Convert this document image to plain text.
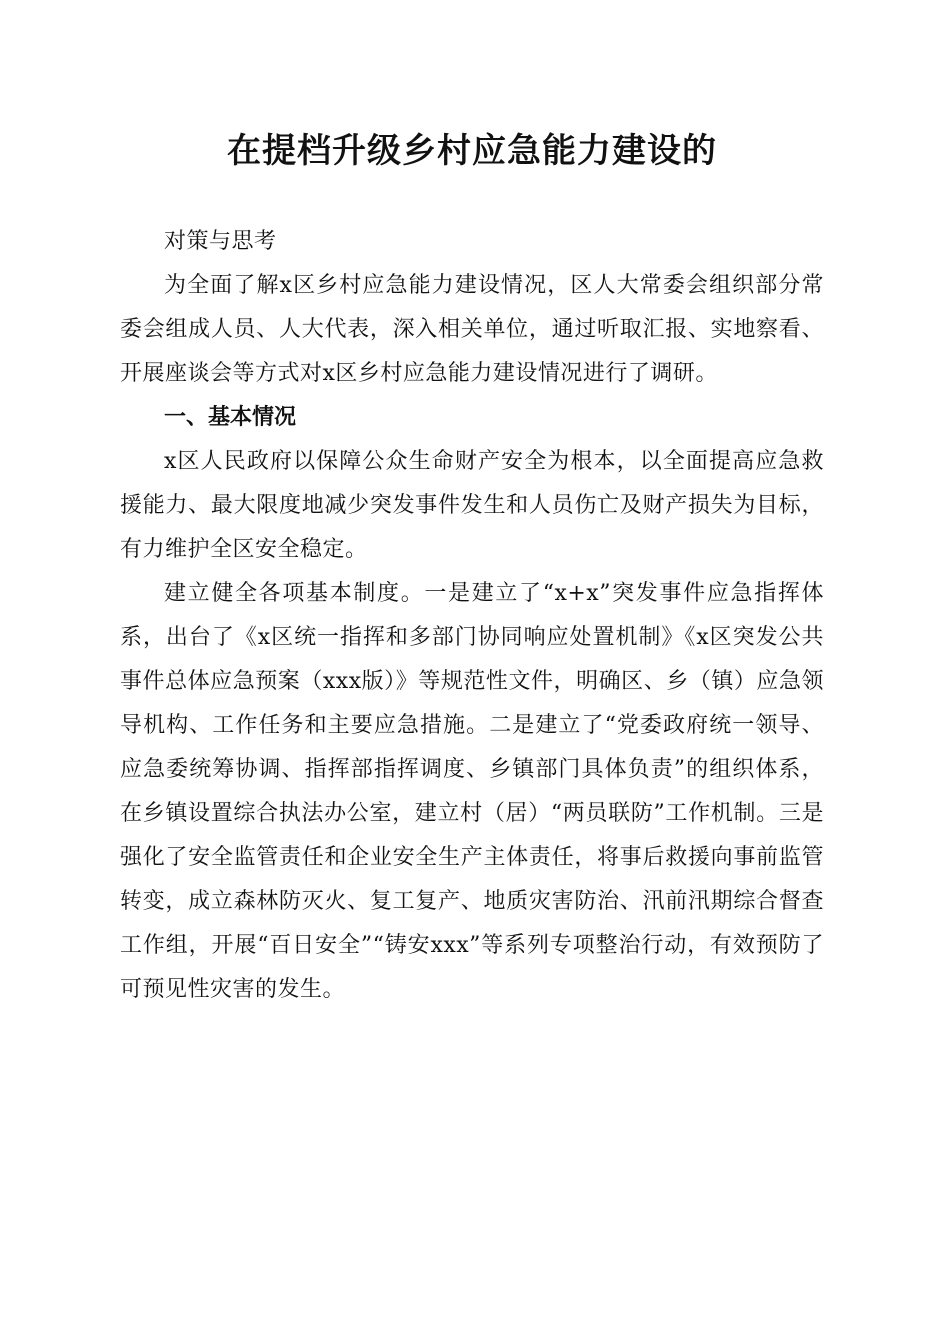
在提档升级乡村应急能力建设的

对策与思考

为全面了解x区乡村应急能力建设情况，区人大常委会组织部分常委会组成人员、人大代表，深入相关单位，通过听取汇报、实地察看、开展座谈会等方式对x区乡村应急能力建设情况进行了调研。

一、基本情况

x区人民政府以保障公众生命财产安全为根本，以全面提高应急救援能力、最大限度地减少突发事件发生和人员伤亡及财产损失为目标，有力维护全区安全稳定。

建立健全各项基本制度。一是建立了“x+x”突发事件应急指挥体系，出台了《x区统一指挥和多部门协同响应处置机制》《x区突发公共事件总体应急预案（xxx版）》等规范性文件，明确区、乡（镇）应急领导机构、工作任务和主要应急措施。二是建立了“党委政府统一领导、应急委统筹协调、指挥部指挥调度、乡镇部门具体负责”的组织体系，在乡镇设置综合执法办公室，建立村（居）“两员联防”工作机制。三是强化了安全监管责任和企业安全生产主体责任，将事后救援向事前监管转变，成立森林防灭火、复工复产、地质灾害防治、汛前汛期综合督查工作组，开展“百日安全”“铸安xxx”等系列专项整治行动，有效预防了可预见性灾害的发生。
